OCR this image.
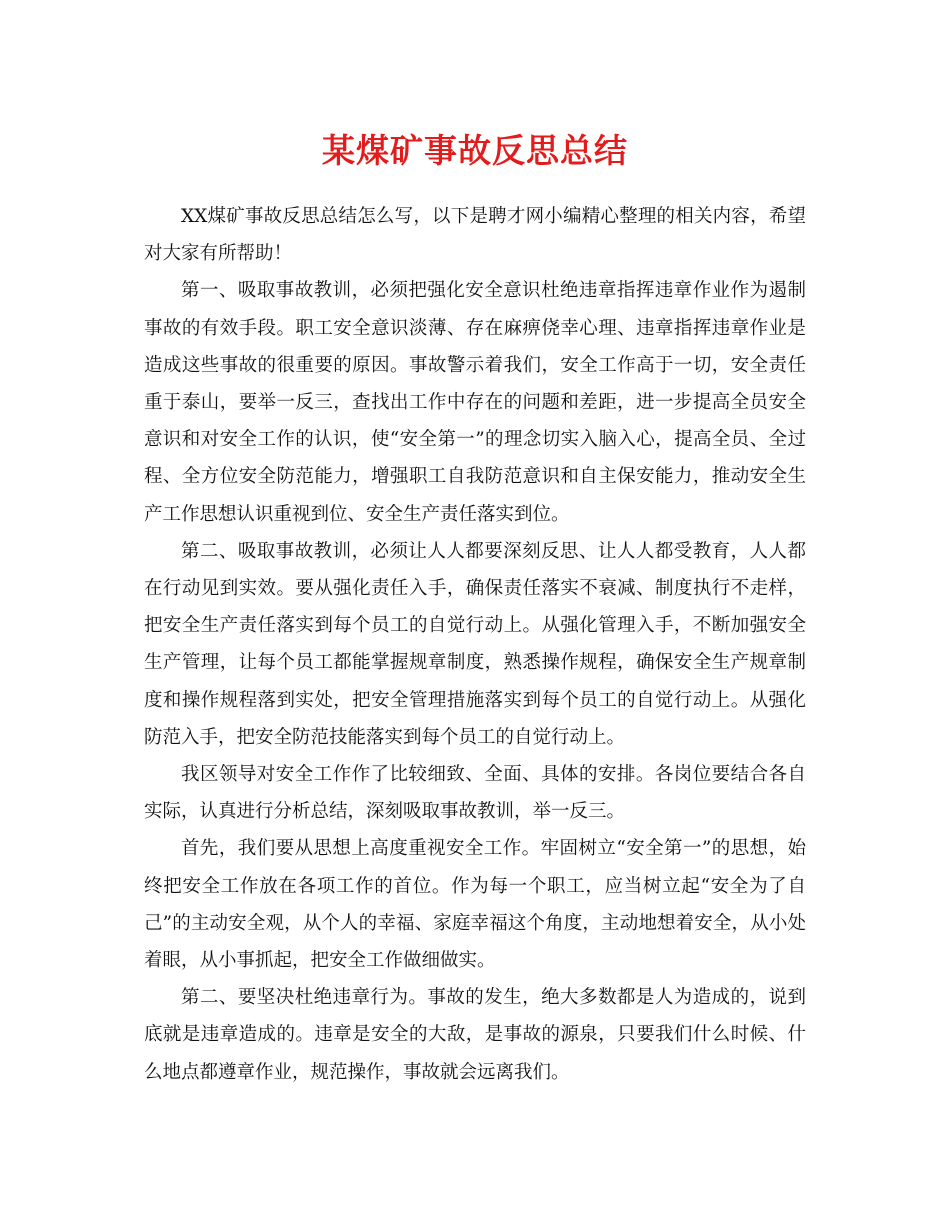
某煤矿事故反思总结

XX煤矿事故反思总结怎么写，以下是聘才网小编精心整理的相关内容，希望对大家有所帮助！

第一、吸取事故教训，必须把强化安全意识杜绝违章指挥违章作业作为遏制事故的有效手段。职工安全意识淡薄、存在麻痹侥幸心理、违章指挥违章作业是造成这些事故的很重要的原因。事故警示着我们，安全工作高于一切，安全责任重于泰山，要举一反三，查找出工作中存在的问题和差距，进一步提高全员安全意识和对安全工作的认识，使“安全第一”的理念切实入脑入心，提高全员、全过程、全方位安全防范能力，增强职工自我防范意识和自主保安能力，推动安全生产工作思想认识重视到位、安全生产责任落实到位。

第二、吸取事故教训，必须让人人都要深刻反思、让人人都受教育，人人都在行动见到实效。要从强化责任入手，确保责任落实不衰减、制度执行不走样，把安全生产责任落实到每个员工的自觉行动上。从强化管理入手，不断加强安全生产管理，让每个员工都能掌握规章制度，熟悉操作规程，确保安全生产规章制度和操作规程落到实处，把安全管理措施落实到每个员工的自觉行动上。从强化防范入手，把安全防范技能落实到每个员工的自觉行动上。

我区领导对安全工作作了比较细致、全面、具体的安排。各岗位要结合各自实际，认真进行分析总结，深刻吸取事故教训，举一反三。

首先，我们要从思想上高度重视安全工作。牢固树立“安全第一”的思想，始终把安全工作放在各项工作的首位。作为每一个职工，应当树立起“安全为了自己”的主动安全观，从个人的幸福、家庭幸福这个角度，主动地想着安全，从小处着眼，从小事抓起，把安全工作做细做实。

第二、要坚决杜绝违章行为。事故的发生，绝大多数都是人为造成的，说到底就是违章造成的。违章是安全的大敌，是事故的源泉，只要我们什么时候、什么地点都遵章作业，规范操作，事故就会远离我们。
